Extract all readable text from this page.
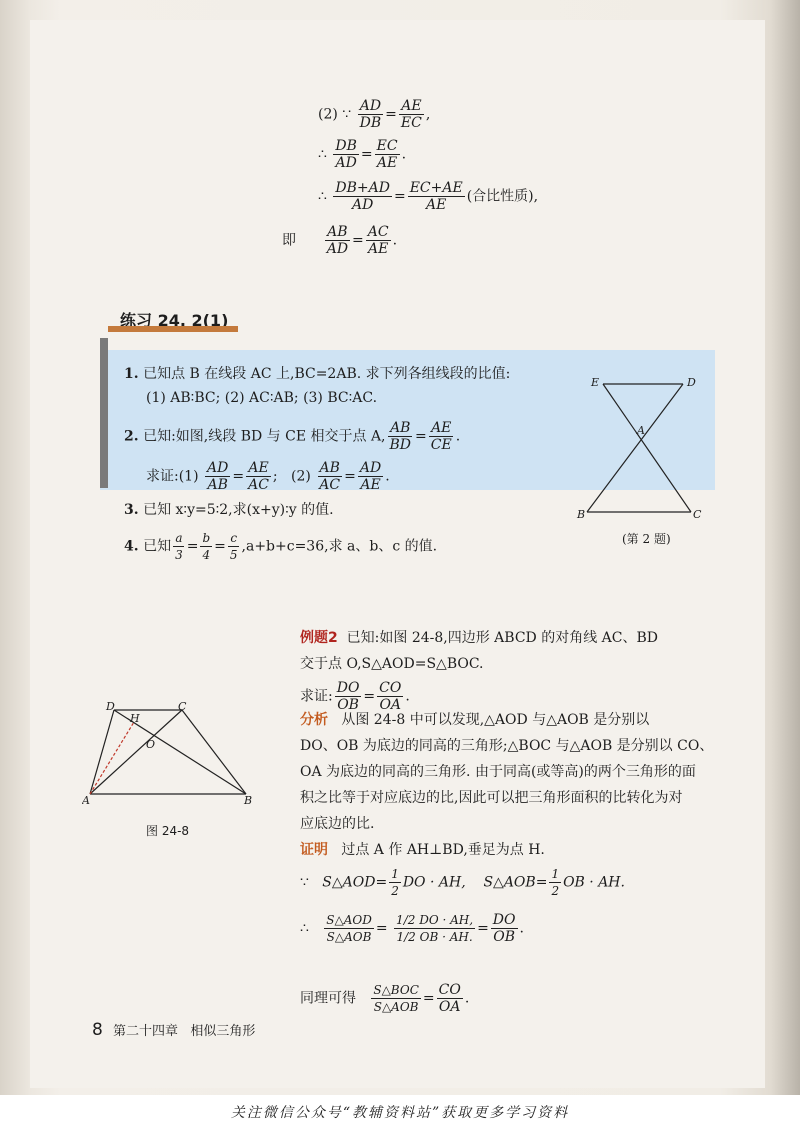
(2) ∵ $\frac{AD}{DB} = \frac{AE}{EC}$ ,
∴ $\frac{DB}{AD} = \frac{EC}{AE}$ .
∴ $\frac{DB+AD}{AD} = \frac{EC+AE}{AE}$ (合比性质),
即 $\frac{AB}{AD} = \frac{AC}{AE}$ .
练习 24. 2(1)
1. 已知点 B 在线段 AC 上,BC=2AB. 求下列各组线段的比值:
(1) AB∶BC; (2) AC∶AB; (3) BC∶AC.
2. 已知:如图,线段 BD 与 CE 相交于点 A, $\frac{AB}{BD} = \frac{AE}{CE}$ .
求证:(1) $\frac{AD}{AB} = \frac{AE}{AC}$ ; $(2) \frac{AB}{AC} = \frac{AD}{AE}$ .
3. 已知 x∶y=5∶2,求(x+y)∶y 的值.
4. 已知 $\frac{a}{3} = \frac{b}{4} = \frac{c}{5} ,a+b+c=36$,求 a、b、c 的值.
E	D
A
B	C
(第 2 题)
例题2 已知:如图 24-8,四边形 ABCD 的对角线 AC、BD
交于点 O,S△AOD=S△BOC.
求证: $\frac{DO}{OB} = \frac{CO}{OA}$ .
分析 从图 24-8 中可以发现,△AOD 与△AOB 是分别以
DO、OB 为底边的同高的三角形;△BOC 与△AOB 是分别以 CO、
OA 为底边的同高的三角形. 由于同高(或等高)的两个三角形的面
积之比等于对应底边的比,因此可以把三角形面积的比转化为对
应底边的比.
证明 过点 A 作 AH⊥BD,垂足为点 H.
∵ S△AOD= $\frac{1}{2}$ DO · AH, S△AOB= $\frac{1}{2}$ OB · AH.
∴ $\frac{\text{S△AOD}}{\text{S△AOB}} = \frac{1/2 DO \cdot AH,}{1/2 OB \cdot AH.} = \frac{DO}{OB}$ .
同理可得 $\frac{\text{S△BOC}}{\text{S△AOB}} = \frac{CO}{OA}$ .
D
H
C
O
A	B
图 24-8
8 第二十四章 相似三角形
关注微信公众号“教辅资料站”获取更多学习资料
